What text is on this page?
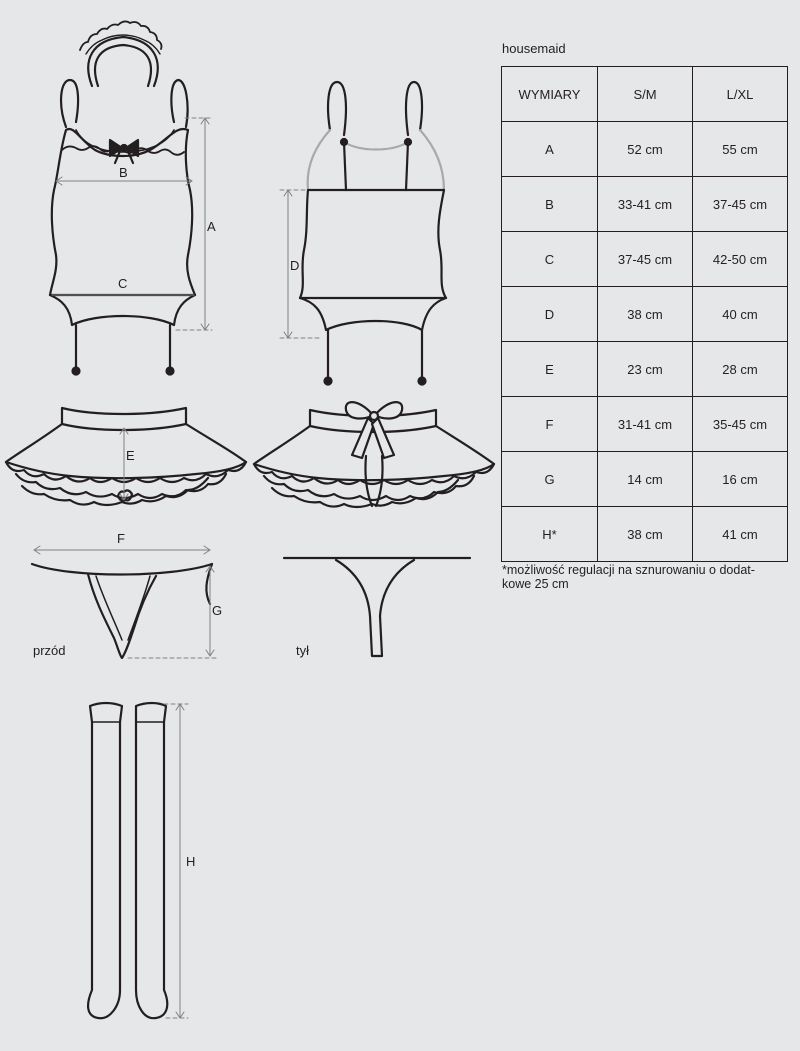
A
B
C
D
E
F
G
H
przód	tył
housemaid
WYMIARY	S/M	L/XL
A	52 cm	55 cm
B	33-41 cm	37-45 cm
C	37-45 cm	42-50 cm
D	38 cm	40 cm
E	23 cm	28 cm
F	31-41 cm	35-45 cm
G	14 cm	16 cm
H*	38 cm	41 cm
*możliwość regulacji na sznurowaniu o dodat-kowe 25 cm
